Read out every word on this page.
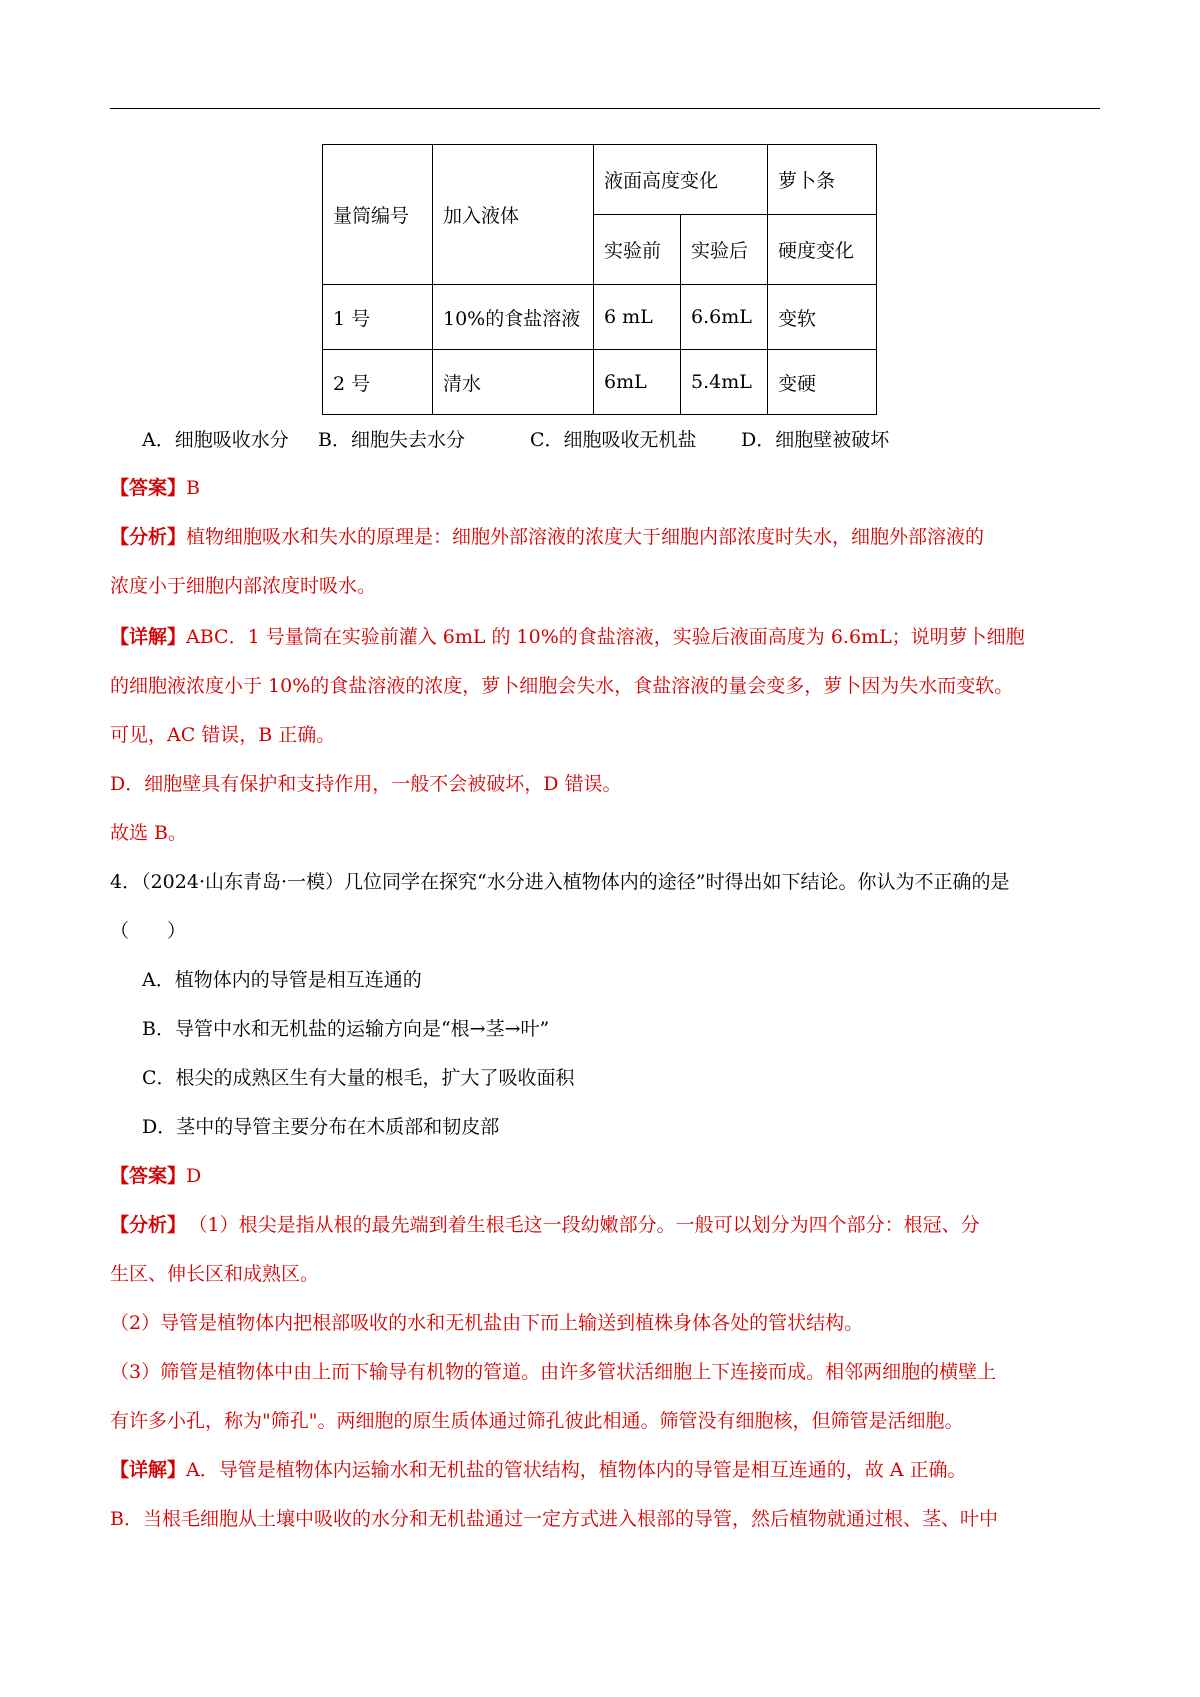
量筒编号	加入液体	液面高度变化		萝卜条
		实验前	实验后	硬度变化
1 号	10%的食盐溶液	6 mL	6.6mL	变软
2 号	清水	6mL	5.4mL	变硬
A．细胞吸收水分 B．细胞失去水分	C．细胞吸收无机盐 D．细胞壁被破坏
【答案】B
【分析】植物细胞吸水和失水的原理是：细胞外部溶液的浓度大于细胞内部浓度时失水，细胞外部溶液的
浓度小于细胞内部浓度时吸水。
【详解】ABC．1 号量筒在实验前灌入 6mL 的 10%的食盐溶液，实验后液面高度为 6.6mL；说明萝卜细胞
的细胞液浓度小于 10%的食盐溶液的浓度，萝卜细胞会失水，食盐溶液的量会变多，萝卜因为失水而变软。
可见，AC 错误，B 正确。
D．细胞壁具有保护和支持作用，一般不会被破坏，D 错误。
故选 B。
4．（2024·山东青岛·一模）几位同学在探究“水分进入植物体内的途径”时得出如下结论。你认为不正确的是
（　　）
A．植物体内的导管是相互连通的
B．导管中水和无机盐的运输方向是“根→茎→叶”
C．根尖的成熟区生有大量的根毛，扩大了吸收面积
D．茎中的导管主要分布在木质部和韧皮部
【答案】D
【分析】 （1）根尖是指从根的最先端到着生根毛这一段幼嫩部分。一般可以划分为四个部分：根冠、分
生区、伸长区和成熟区。
（2）导管是植物体内把根部吸收的水和无机盐由下而上输送到植株身体各处的管状结构。
（3）筛管是植物体中由上而下输导有机物的管道。由许多管状活细胞上下连接而成。相邻两细胞的横壁上
有许多小孔，称为"筛孔"。两细胞的原生质体通过筛孔彼此相通。筛管没有细胞核，但筛管是活细胞。
【详解】A．导管是植物体内运输水和无机盐的管状结构，植物体内的导管是相互连通的，故 A 正确。
B．当根毛细胞从土壤中吸收的水分和无机盐通过一定方式进入根部的导管，然后植物就通过根、茎、叶中
